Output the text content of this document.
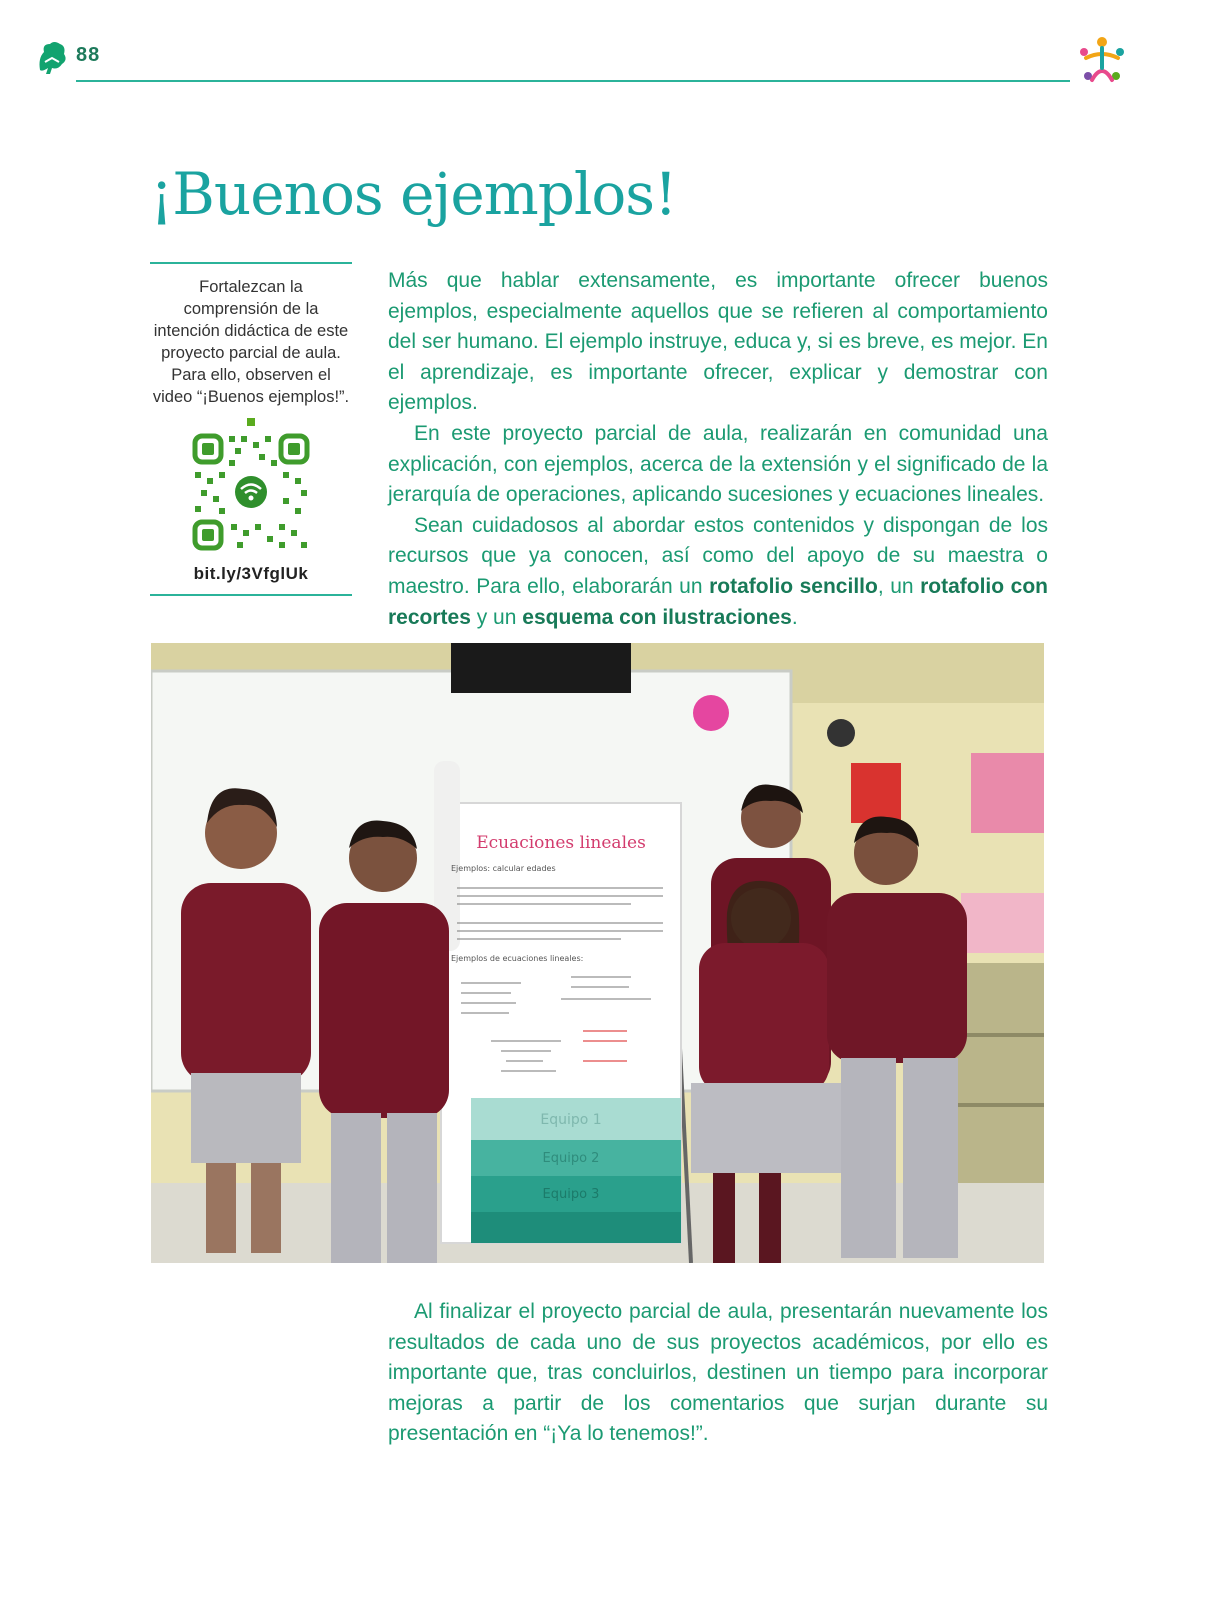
88
¡Buenos ejemplos!

Fortalezcan la comprensión de la intención didáctica de este proyecto parcial de aula. Para ello, observen el video “¡Buenos ejemplos!”.

bit.ly/3VfglUk

Más que hablar extensamente, es importante ofrecer buenos ejemplos, especialmente aquellos que se refieren al comportamiento del ser humano. El ejemplo instruye, educa y, si es breve, es mejor. En el aprendizaje, es importante ofrecer, explicar y demostrar con ejemplos.

En este proyecto parcial de aula, realizarán en comunidad una explicación, con ejemplos, acerca de la extensión y el significado de la jerarquía de operaciones, aplicando sucesiones y ecuaciones lineales.

Sean cuidadosos al abordar estos contenidos y dispongan de los recursos que ya conocen, así como del apoyo de su maestra o maestro. Para ello, elaborarán un rotafolio sencillo, un rotafolio con recortes y un esquema con ilustraciones.

Ecuaciones lineales
Ejemplos: calcular edades
Ejemplos de ecuaciones lineales:
Equipo 1
Equipo 2
Equipo 3

Al finalizar el proyecto parcial de aula, presentarán nuevamente los resultados de cada uno de sus proyectos académicos, por ello es importante que, tras concluirlos, destinen un tiempo para incorporar mejoras a partir de los comentarios que surjan durante su presentación en “¡Ya lo tenemos!”.
